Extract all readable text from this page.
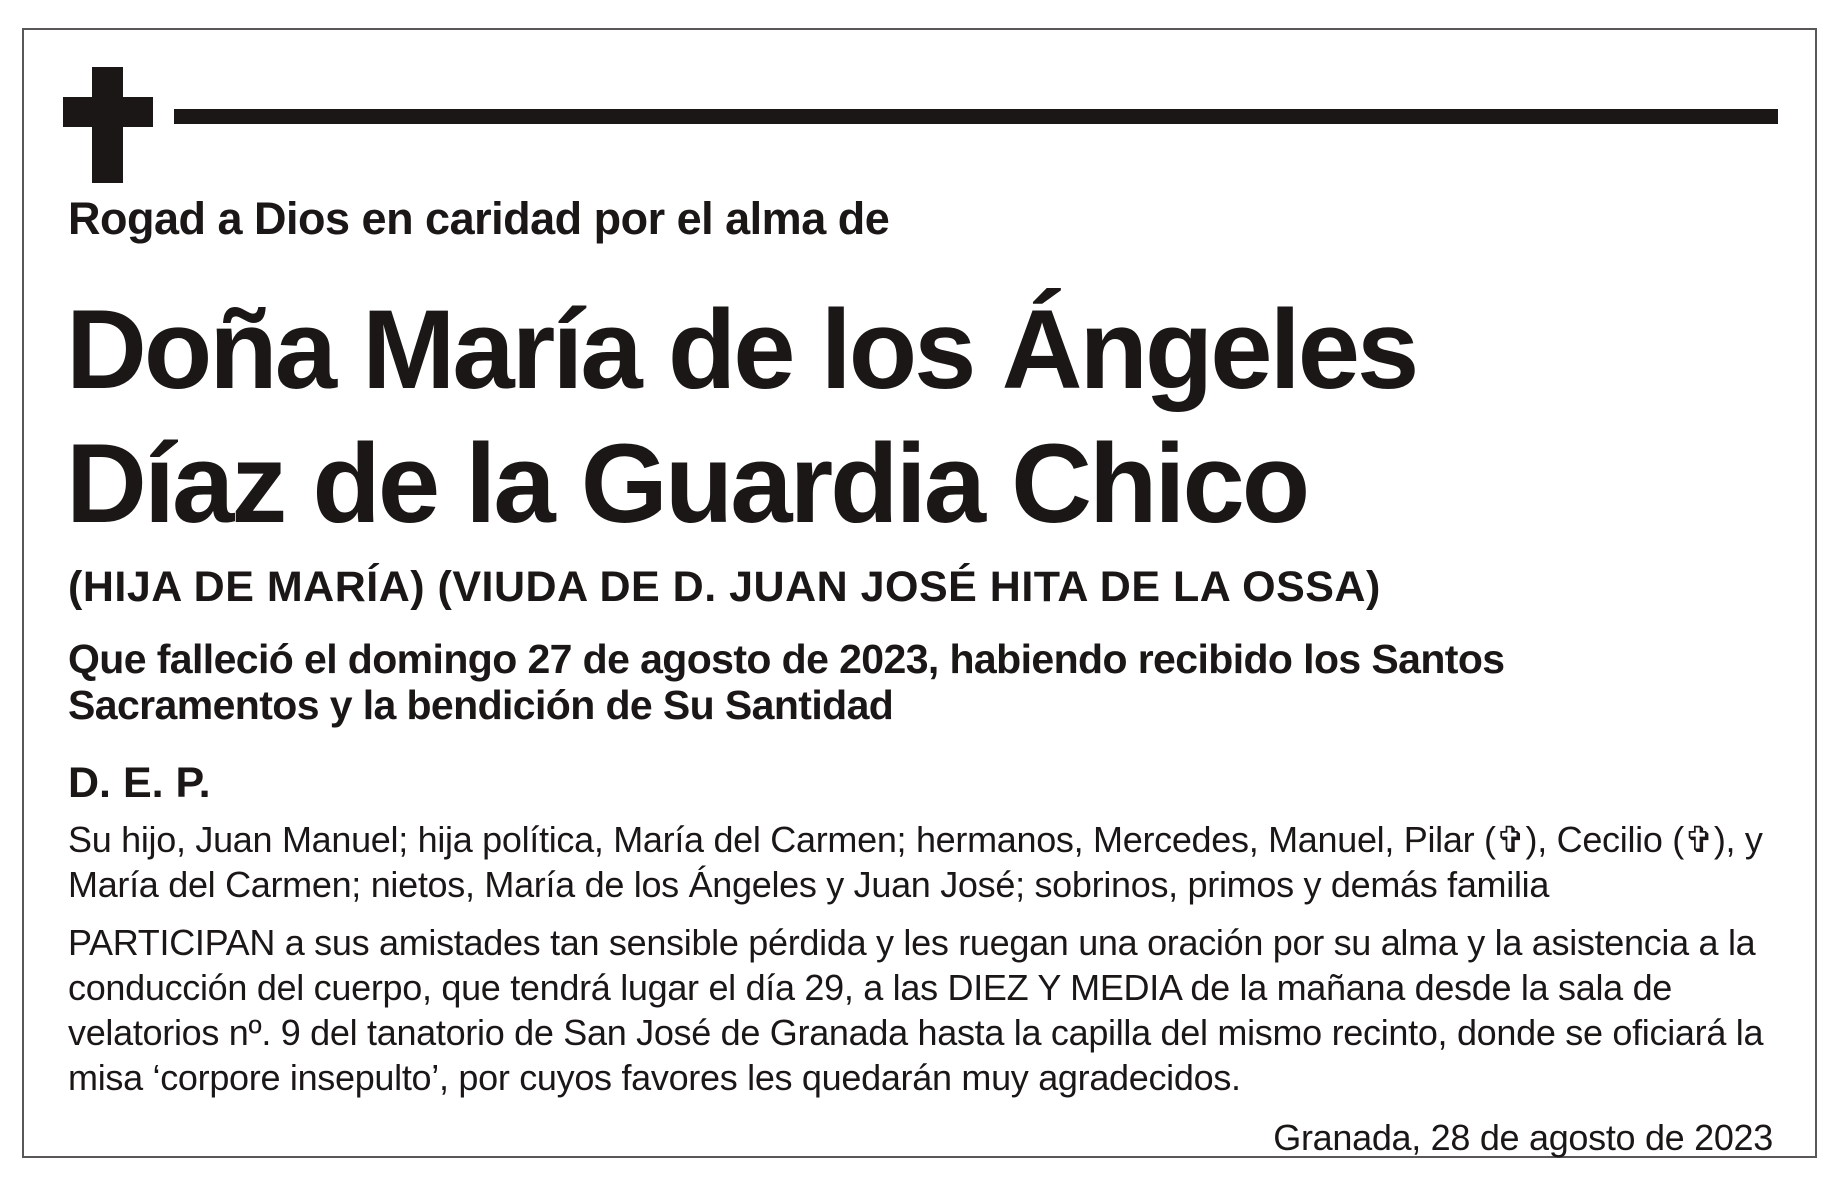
Rogad a Dios en caridad por el alma de
Doña María de los Ángeles
Díaz de la Guardia Chico
(HIJA DE MARÍA) (VIUDA DE D. JUAN JOSÉ HITA DE LA OSSA)
Que falleció el domingo 27 de agosto de 2023, habiendo recibido los Santos
Sacramentos y la bendición de Su Santidad
D. E. P.
Su hijo, Juan Manuel; hija política, María del Carmen; hermanos, Mercedes, Manuel, Pilar (✞), Cecilio (✞), y María del Carmen; nietos, María de los Ángeles y Juan José; sobrinos, primos y demás familia
PARTICIPAN a sus amistades tan sensible pérdida y les ruegan una oración por su alma y la asistencia a la conducción del cuerpo, que tendrá lugar el día 29, a las DIEZ Y MEDIA de la mañana desde la sala de velatorios nº. 9 del tanatorio de San José de Granada hasta la capilla del mismo recinto, donde se oficiará la misa ‘corpore insepulto’, por cuyos favores les quedarán muy agradecidos.
Granada, 28 de agosto de 2023
